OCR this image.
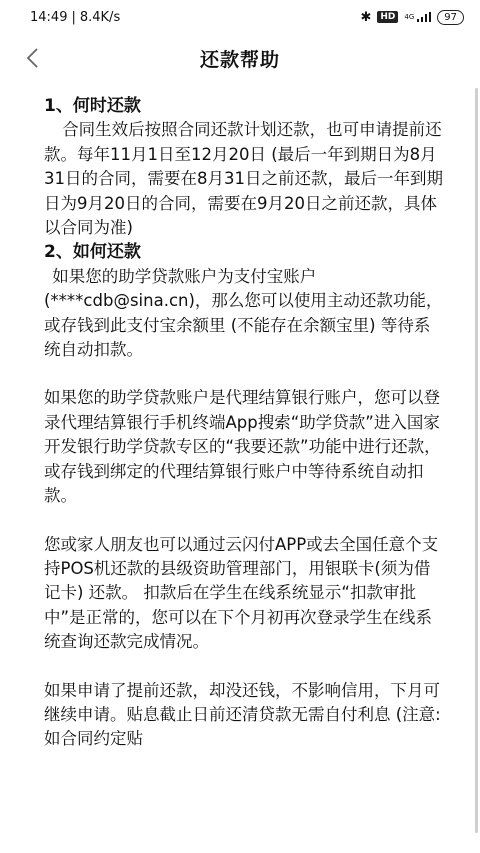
14:49 | 8.4K/s	✱	HD	4G	97
还款帮助
1、何时还款

合同生效后按照合同还款计划还款，也可申请提前还款。每年11月1日至12月20日 (最后一年到期日为8月31日的合同，需要在8月31日之前还款，最后一年到期日为9月20日的合同，需要在9月20日之前还款，具体以合同为准)

2、如何还款

如果您的助学贷款账户为支付宝账户(****cdb@sina.cn)，那么您可以使用主动还款功能，或存钱到此支付宝余额里 (不能存在余额宝里) 等待系统自动扣款。

如果您的助学贷款账户是代理结算银行账户，您可以登录代理结算银行手机终端App搜索“助学贷款”进入国家开发银行助学贷款专区的“我要还款”功能中进行还款，或存钱到绑定的代理结算银行账户中等待系统自动扣款。

您或家人朋友也可以通过云闪付APP或去全国任意个支持POS机还款的县级资助管理部门，用银联卡(须为借记卡) 还款。 扣款后在学生在线系统显示“扣款审批中”是正常的，您可以在下个月初再次登录学生在线系统查询还款完成情况。

如果申请了提前还款，却没还钱，不影响信用，下月可继续申请。贴息截止日前还清贷款无需自付利息 (注意: 如合同约定贴
